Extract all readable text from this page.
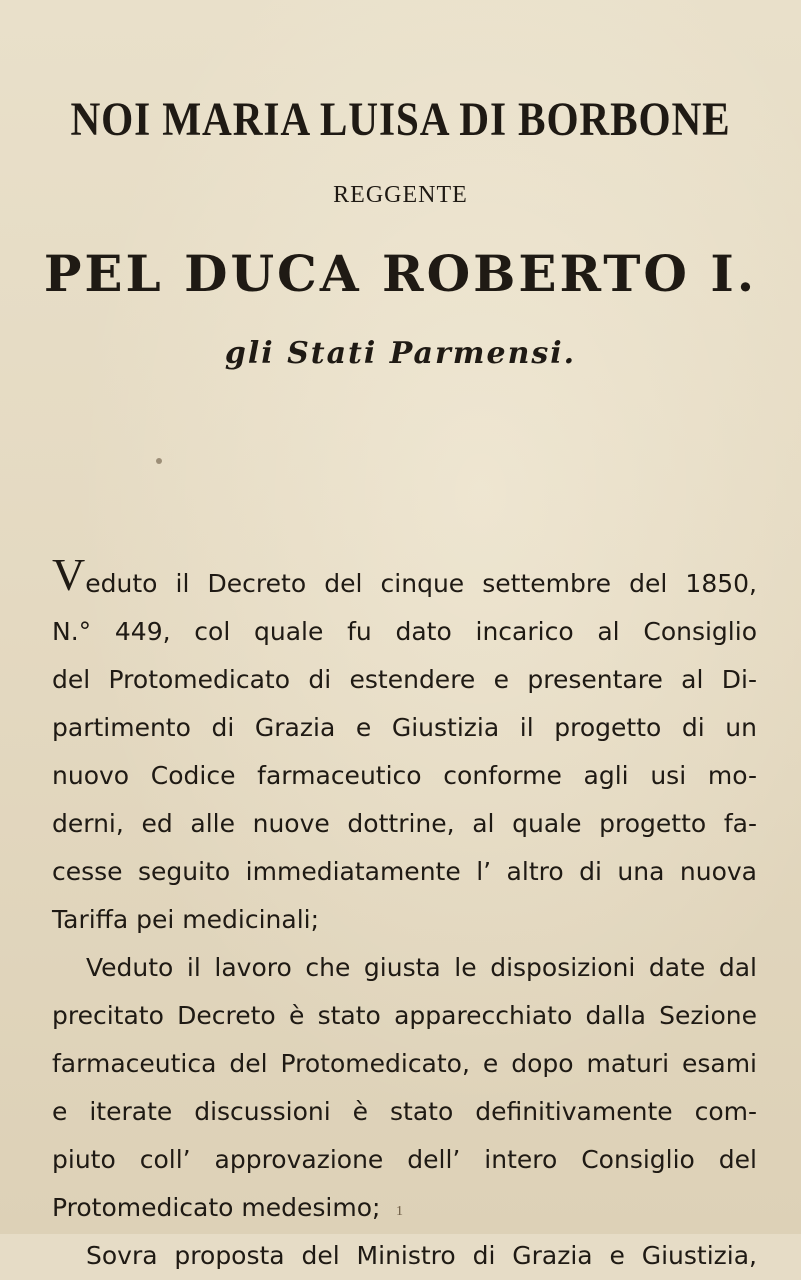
NOI MARIA LUISA DI BORBONE
REGGENTE
PEL DUCA ROBERTO I.
gli Stati Parmensi.
Veduto il Decreto del cinque settembre del 1850,
N.° 449, col quale fu dato incarico al Consiglio
del Protomedicato di estendere e presentare al Di-
partimento di Grazia e Giustizia il progetto di un
nuovo Codice farmaceutico conforme agli usi mo-
derni, ed alle nuove dottrine, al quale progetto fa-
cesse seguito immediatamente l’ altro di una nuova
Tariffa pei medicinali;
Veduto il lavoro che giusta le disposizioni date dal
precitato Decreto è stato apparecchiato dalla Sezione
farmaceutica del Protomedicato, e dopo maturi esami
e iterate discussioni è stato definitivamente com-
piuto coll’ approvazione dell’ intero Consiglio del
Protomedicato medesimo;
Sovra proposta del Ministro di Grazia e Giustizia,
1
